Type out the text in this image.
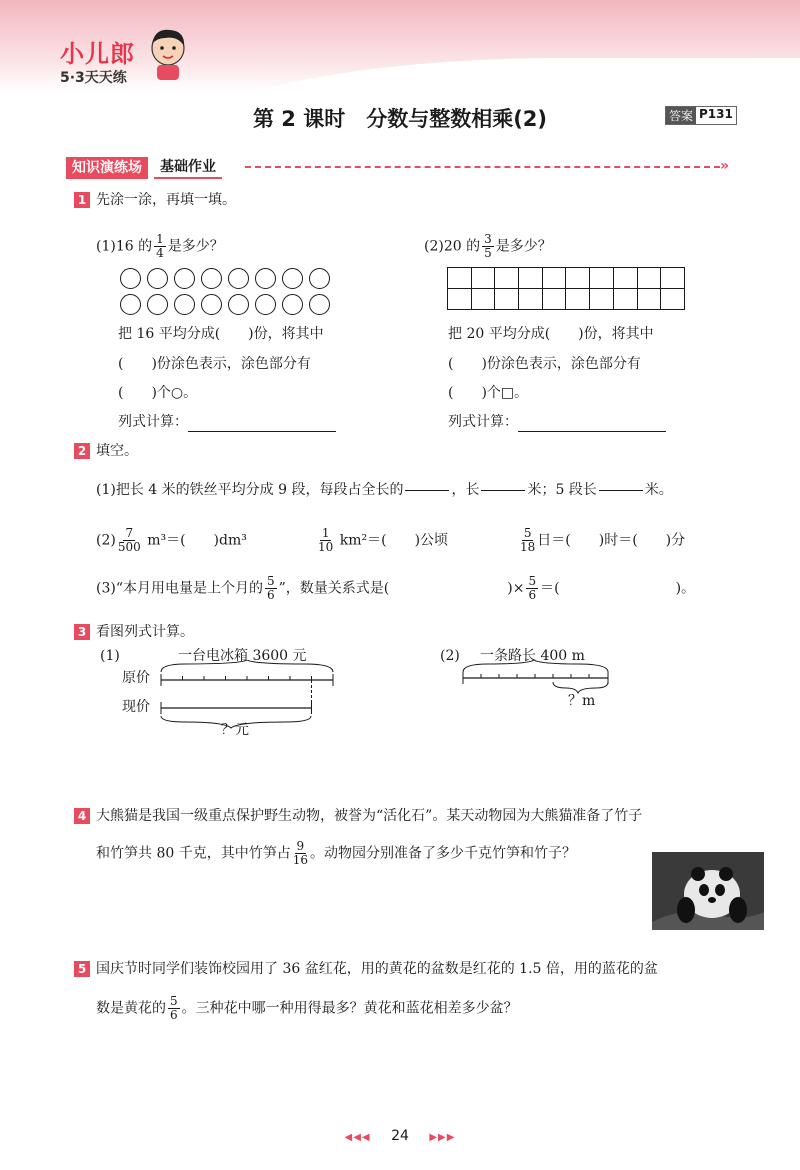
小儿郎
5·3天天练
第 2 课时　分数与整数相乘(2)	答案 P131
知识演练场	基础作业	»
1 先涂一涂，再填一填。
(1)16 的 $\frac{1}{4}$ 是多少？
把 16 平均分成(　　)份，将其中
(　　)份涂色表示，涂色部分有
(　　)个○。
列式计算：
(2)20 的 $\frac{3}{5}$ 是多少？
把 20 平均分成(　　)份，将其中
(　　)份涂色表示，涂色部分有
(　　)个□。
列式计算：
2 填空。
(1)把长 4 米的铁丝平均分成 9 段，每段占全长的	，长	米；5 段长	米。
$(2) \frac{7}{500} m^3=$(　　)dm³	$\frac{1}{10} km^2=$(　　)公顷	$\frac{5}{18}$ 日＝(　　)时＝(　　)分
(3)“本月用电量是上个月的 $\frac{5}{6}$ ”，数量关系式是(	)× $\frac{5}{6}$ ＝(	)。
3 看图列式计算。
(1)	一台电冰箱 3600 元
原价
现价
？元
(2) 一条路长 400 m
？m
4 大熊猫是我国一级重点保护野生动物，被誉为“活化石”。某天动物园为大熊猫准备了竹子
和竹笋共 80 千克，其中竹笋占 $\frac{9}{16}$ 。动物园分别准备了多少千克竹笋和竹子？
5 国庆节时同学们装饰校园用了 36 盆红花，用的黄花的盆数是红花的 1.5 倍，用的蓝花的盆
数是黄花的 $\frac{5}{6}$ 。三种花中哪一种用得最多？黄花和蓝花相差多少盆？
◀◀◀ 24 ▶▶▶
